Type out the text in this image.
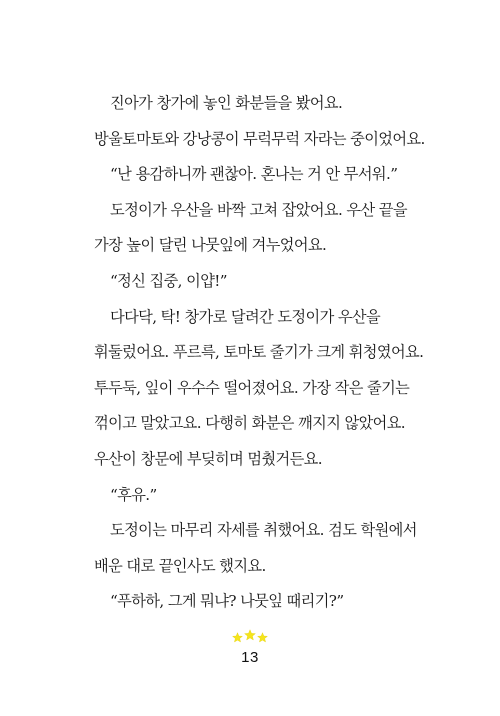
진아가 창가에 놓인 화분들을 봤어요. 방울토마토와 강낭콩이 무럭무럭 자라는 중이었어요.

“난 용감하니까 괜찮아. 혼나는 거 안 무서워.”

도정이가 우산을 바짝 고쳐 잡았어요. 우산 끝을 가장 높이 달린 나뭇잎에 겨누었어요.

“정신 집중, 이얍!”

다다닥, 탁! 창가로 달려간 도정이가 우산을 휘둘렀어요. 푸르륵, 토마토 줄기가 크게 휘청였어요. 투두둑, 잎이 우수수 떨어졌어요. 가장 작은 줄기는 꺾이고 말았고요. 다행히 화분은 깨지지 않았어요. 우산이 창문에 부딪히며 멈췄거든요.

“후유.”

도정이는 마무리 자세를 취했어요. 검도 학원에서 배운 대로 끝인사도 했지요.

“푸하하, 그게 뭐냐? 나뭇잎 때리기?”

13
